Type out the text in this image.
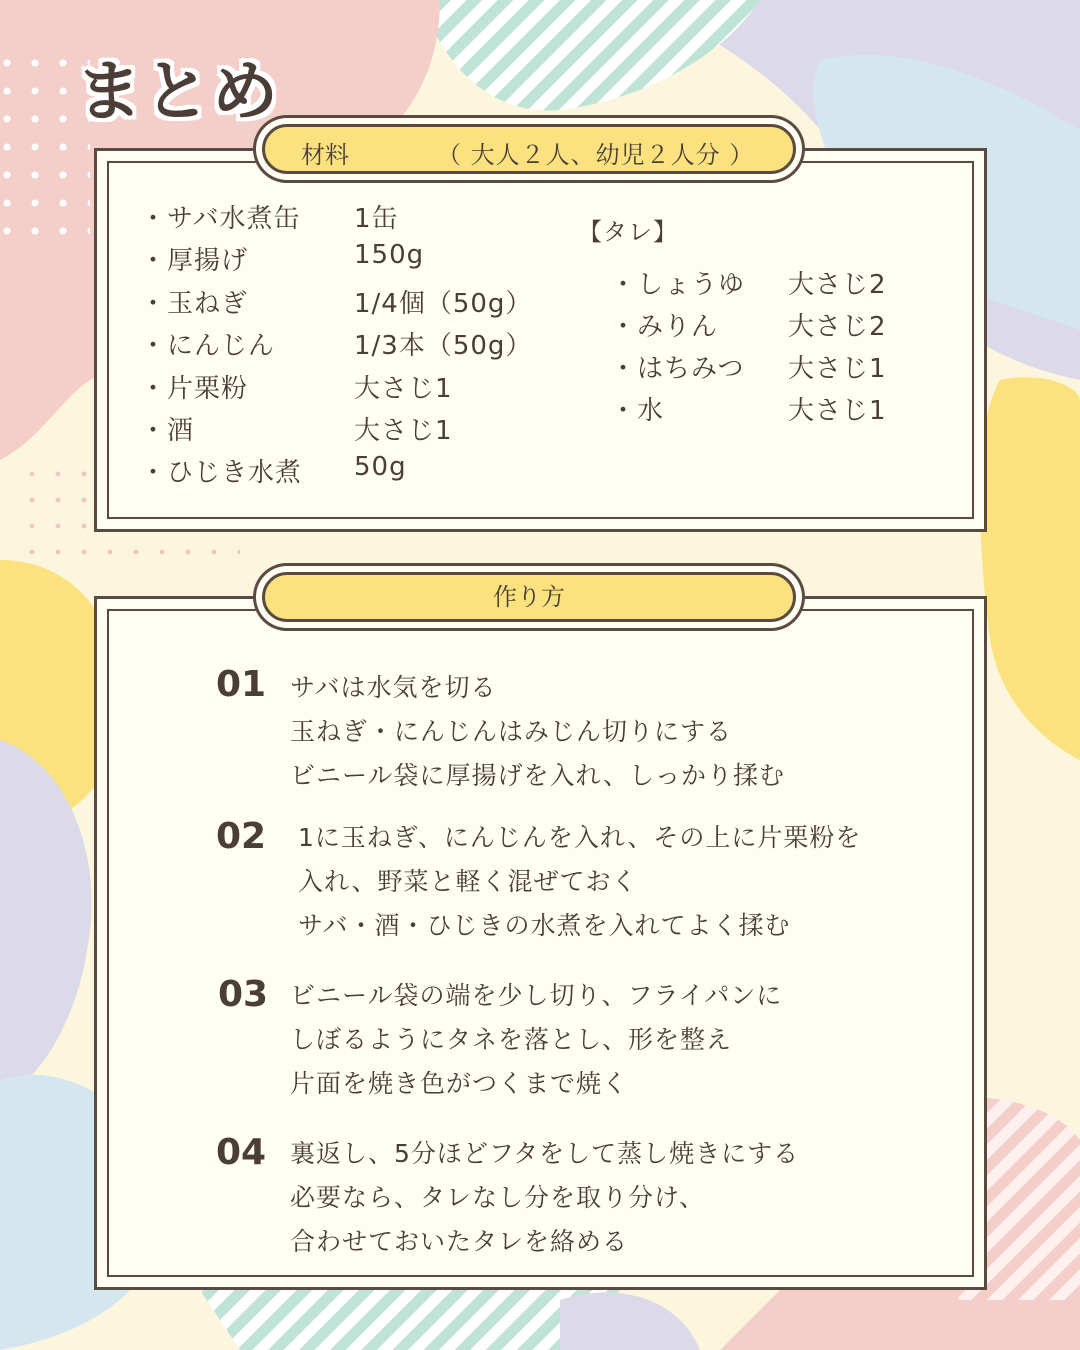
まとめ
材料	（ 大人２人、幼児２人分 ）
・サバ水煮缶 1缶
・厚揚げ	150g
・玉ねぎ	1/4個（50g）
・にんじん	1/3本（50g）
・片栗粉	大さじ1
・酒	大さじ1
・ひじき水煮 50g
【タレ】
・しょうゆ 大さじ2
・みりん	大さじ2
・はちみつ 大さじ1
・水	大さじ1
作り方
01 サバは水気を切る
玉ねぎ・にんじんはみじん切りにする
ビニール袋に厚揚げを入れ、しっかり揉む
02 1に玉ねぎ、にんじんを入れ、その上に片栗粉を
入れ、野菜と軽く混ぜておく
サバ・酒・ひじきの水煮を入れてよく揉む
03 ビニール袋の端を少し切り、フライパンに
しぼるようにタネを落とし、形を整え
片面を焼き色がつくまで焼く
04 裏返し、5分ほどフタをして蒸し焼きにする
必要なら、タレなし分を取り分け、
合わせておいたタレを絡める
